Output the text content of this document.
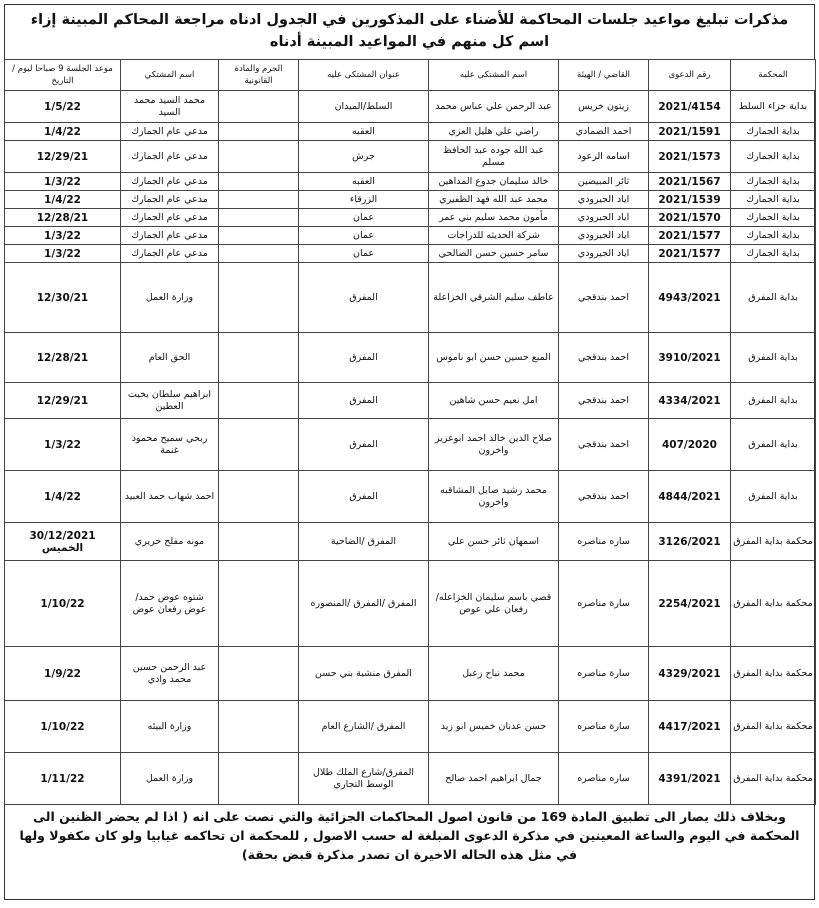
مذكرات تبليغ مواعيد جلسات المحاكمة للأضناء على المذكورين في الجدول ادناه مراجعة المحاكم المبينة إزاء اسم كل منهم في المواعيد المبينة أدناه
المحكمة	رقم الدعوى	القاضي / الهيئة	اسم المشتكى عليه	عنوان المشتكى عليه	الجرم والمادة القانونية	اسم المشتكي	موعد الجلسة 9 صباحا ليوم / التاريخ
بداية جزاء السلط	2021/4154	زيتون خريس	عبد الرحمن علي عباس محمد	السلط/الميدان		محمد السيد محمد السيد	1/5/22
بداية الجمارك	2021/1591	احمد الصمادي	راضي علي هليل العزي	العقبه		مدعي عام الجمارك	1/4/22
بداية الجمارك	2021/1573	اسامه الرعود	عبد الله جوده عبد الحافظ مسلم	جرش		مدعي عام الجمارك	12/29/21
بداية الجمارك	2021/1567	ثائر المبيضين	خالد سليمان جدوع المداهين	العقبه		مدعي عام الجمارك	1/3/22
بداية الجمارك	2021/1539	اياد الجيرودي	محمد عبد الله فهد الظفيري	الزرقاء		مدعي عام الجمارك	1/4/22
بداية الجمارك	2021/1570	اياد الجيرودي	مأمون محمد سليم بني عمر	عمان		مدعي عام الجمارك	12/28/21
بداية الجمارك	2021/1577	اياد الجيرودي	شركة الحديثه للدراجات	عمان		مدعي عام الجمارك	1/3/22
بداية الجمارك	2021/1577	اياد الجيرودي	سامر حسين حسن الصالحي	عمان		مدعي عام الجمارك	1/3/22
بداية المفرق	4943/2021	احمد بندقجي	عاطف سليم الشرقي الخزاعلة	المفرق		وزارة العمل	12/30/21
بداية المفرق	3910/2021	احمد بندقجي	المبع حسين حسن ابو ناموس	المفرق		الحق العام	12/28/21
بداية المفرق	4334/2021	احمد بندقجي	امل نعيم حسن شاهين	المفرق		ابراهيم سلطان بخيت العطين	12/29/21
بداية المفرق	407/2020	احمد بندقجي	صلاح الدين خالد احمد ابوعزيز واخرون	المفرق		ربحي سميح محمود غنمة	1/3/22
بداية المفرق	4844/2021	احمد بندقجي	محمد رشيد صايل المشاقبه واخرون	المفرق		احمد شهاب حمد العبيد	1/4/22
محكمة بداية المفرق	3126/2021	ساره مناصره	اسمهان ثائر حسن علي	المفرق /الضاحية		مونه مفلح حريري	30/12/2021 الخميس
محكمة بداية المفرق	2254/2021	سارة مناصره	قصي باسم سليمان الخزاعله/رفعان علي عوص	المفرق /المفرق /المنصوره		شتوه عوض حمد/ عوض رفعان عوض	1/10/22
محكمة بداية المفرق	4329/2021	سارة مناصره	محمد نباح زعبل	المفرق منشية بني حسن		عبد الرحمن حسين محمد وادي	1/9/22
محكمة بداية المفرق	4417/2021	سارة مناصره	حسن عدنان خميس ابو زيد	المفرق /الشارع العام		وزارة البيئه	1/10/22
محكمة بداية المفرق	4391/2021	ساره مناصره	جمال ابراهيم احمد صالح	المفرق/شارع الملك طلال الوسط التجاري		وزارة العمل	1/11/22
وبخلاف ذلك يصار الى تطبيق المادة 169 من قانون اصول المحاكمات الجزائية والتي نصت على انه ( اذا لم يحضر الظنين الى المحكمة في اليوم والساعة المعينين في مذكرة الدعوى المبلغة له حسب الاصول , للمحكمة ان تحاكمه غيابيا ولو كان مكفولا ولها في مثل هذه الحاله الاخيرة ان تصدر مذكرة قبض بحقة)
